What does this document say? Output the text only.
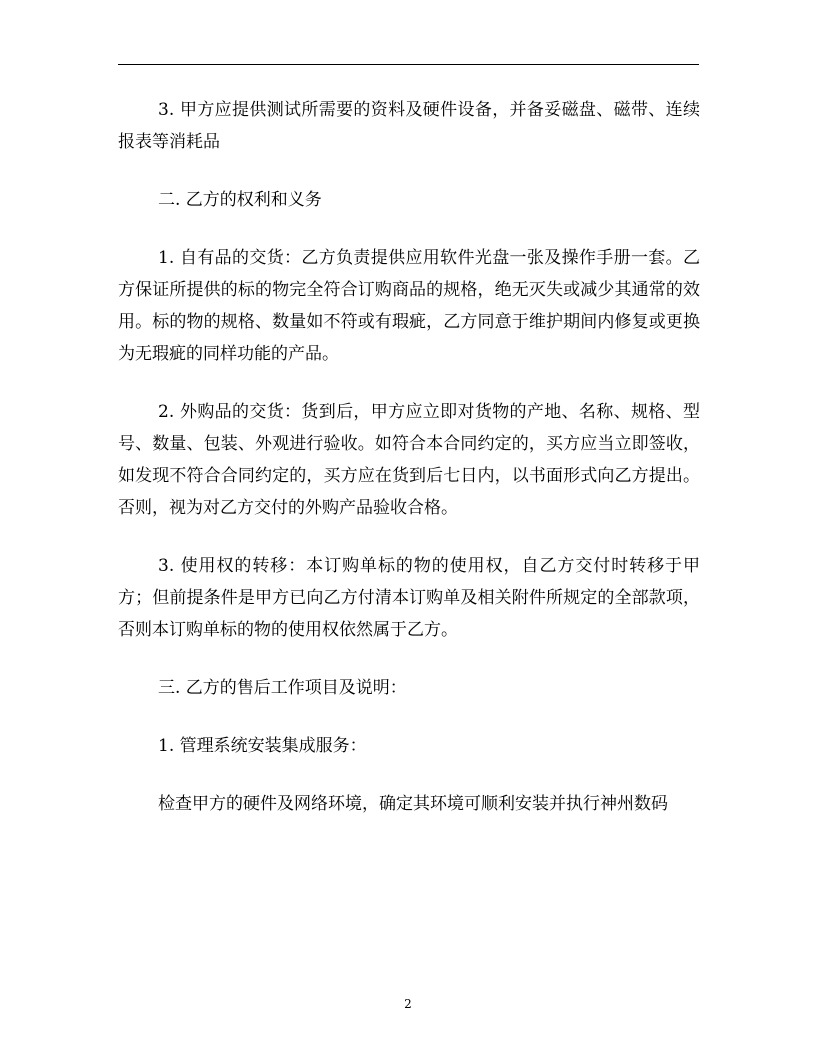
3. 甲方应提供测试所需要的资料及硬件设备，并备妥磁盘、磁带、连续报表等消耗品

二. 乙方的权利和义务

1. 自有品的交货：乙方负责提供应用软件光盘一张及操作手册一套。乙方保证所提供的标的物完全符合订购商品的规格，绝无灭失或减少其通常的效用。标的物的规格、数量如不符或有瑕疵，乙方同意于维护期间内修复或更换为无瑕疵的同样功能的产品。

2. 外购品的交货：货到后，甲方应立即对货物的产地、名称、规格、型号、数量、包装、外观进行验收。如符合本合同约定的，买方应当立即签收，如发现不符合合同约定的，买方应在货到后七日内，以书面形式向乙方提出。否则，视为对乙方交付的外购产品验收合格。

3. 使用权的转移：本订购单标的物的使用权，自乙方交付时转移于甲方；但前提条件是甲方已向乙方付清本订购单及相关附件所规定的全部款项，否则本订购单标的物的使用权依然属于乙方。

三. 乙方的售后工作项目及说明：

1. 管理系统安装集成服务：

检查甲方的硬件及网络环境，确定其环境可顺利安装并执行神州数码

2
